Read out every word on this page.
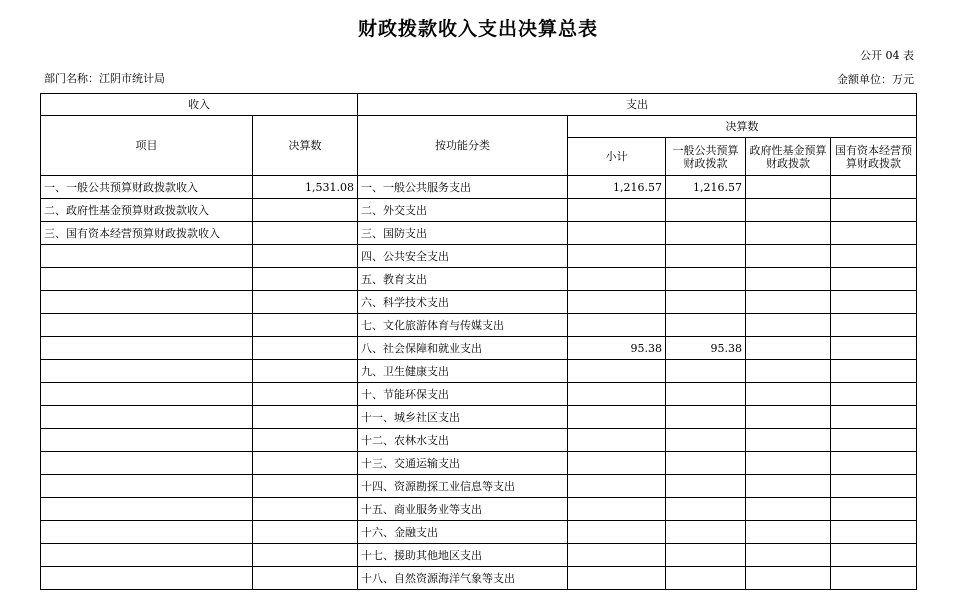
财政拨款收入支出决算总表
公开 04 表
部门名称：江阴市统计局	金额单位：万元
收入		支出				
项目	决算数	按功能分类	决算数			
			小计	一般公共预算财政拨款	政府性基金预算财政拨款	国有资本经营预算财政拨款
一、一般公共预算财政拨款收入	1,531.08	一、一般公共服务支出	1,216.57	1,216.57		
二、政府性基金预算财政拨款收入		二、外交支出				
三、国有资本经营预算财政拨款收入		三、国防支出				
		四、公共安全支出				
		五、教育支出				
		六、科学技术支出				
		七、文化旅游体育与传媒支出				
		八、社会保障和就业支出	95.38	95.38		
		九、卫生健康支出				
		十、节能环保支出				
		十一、城乡社区支出				
		十二、农林水支出				
		十三、交通运输支出				
		十四、资源勘探工业信息等支出				
		十五、商业服务业等支出				
		十六、金融支出				
		十七、援助其他地区支出				
		十八、自然资源海洋气象等支出				
